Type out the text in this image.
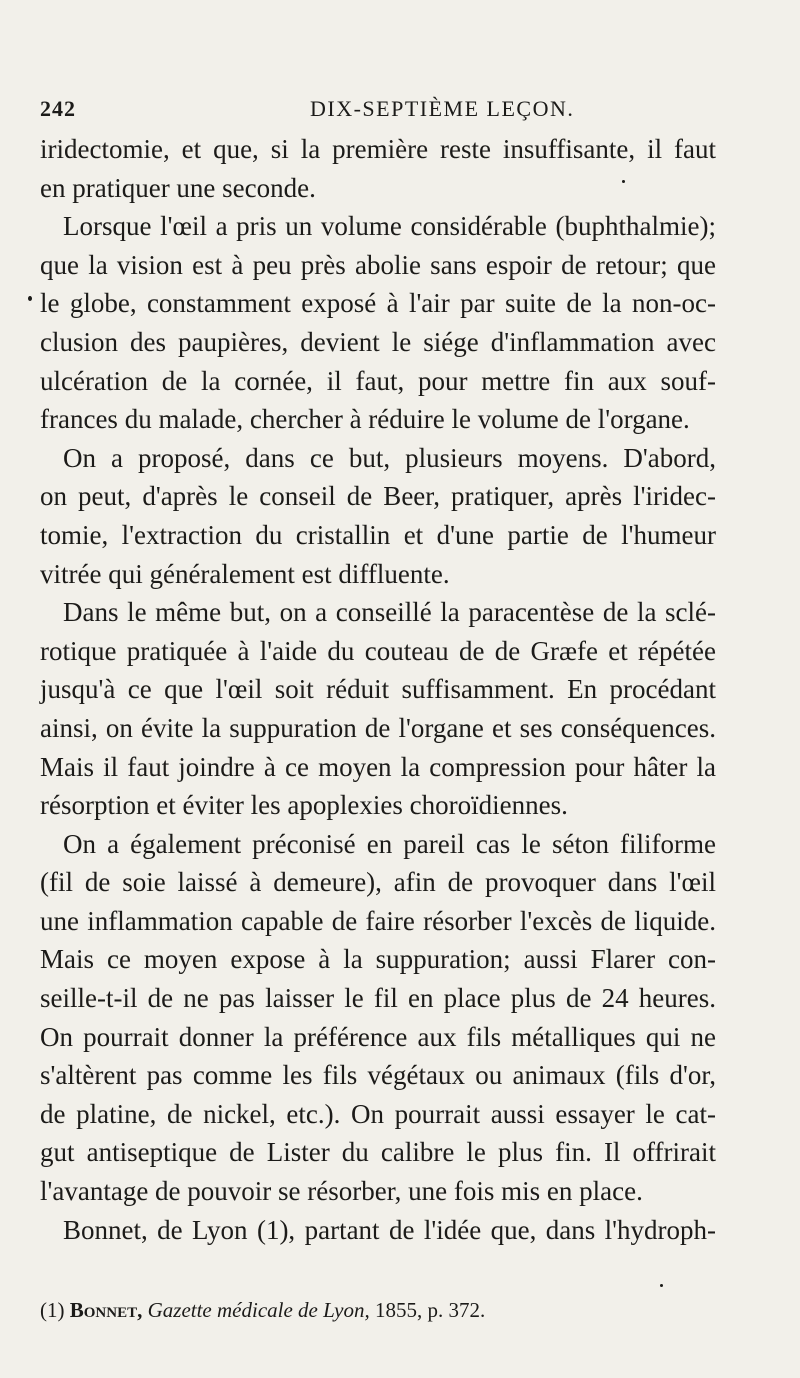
242	DIX-SEPTIÈME LEÇON.
iridectomie, et que, si la première reste insuffisante, il faut
en pratiquer une seconde.
Lorsque l'œil a pris un volume considérable (buphthalmie);
que la vision est à peu près abolie sans espoir de retour; que
le globe, constamment exposé à l'air par suite de la non-oc-
clusion des paupières, devient le siége d'inflammation avec
ulcération de la cornée, il faut, pour mettre fin aux souf-
frances du malade, chercher à réduire le volume de l'organe.
On a proposé, dans ce but, plusieurs moyens. D'abord,
on peut, d'après le conseil de Beer, pratiquer, après l'iridec-
tomie, l'extraction du cristallin et d'une partie de l'humeur
vitrée qui généralement est diffluente.
Dans le même but, on a conseillé la paracentèse de la sclé-
rotique pratiquée à l'aide du couteau de de Græfe et répétée
jusqu'à ce que l'œil soit réduit suffisamment. En procédant
ainsi, on évite la suppuration de l'organe et ses conséquences.
Mais il faut joindre à ce moyen la compression pour hâter la
résorption et éviter les apoplexies choroïdiennes.
On a également préconisé en pareil cas le séton filiforme
(fil de soie laissé à demeure), afin de provoquer dans l'œil
une inflammation capable de faire résorber l'excès de liquide.
Mais ce moyen expose à la suppuration; aussi Flarer con-
seille-t-il de ne pas laisser le fil en place plus de 24 heures.
On pourrait donner la préférence aux fils métalliques qui ne
s'altèrent pas comme les fils végétaux ou animaux (fils d'or,
de platine, de nickel, etc.). On pourrait aussi essayer le cat-
gut antiseptique de Lister du calibre le plus fin. Il offrirait
l'avantage de pouvoir se résorber, une fois mis en place.
Bonnet, de Lyon (1), partant de l'idée que, dans l'hydroph-
(1) Bonnet, Gazette médicale de Lyon, 1855, p. 372.
